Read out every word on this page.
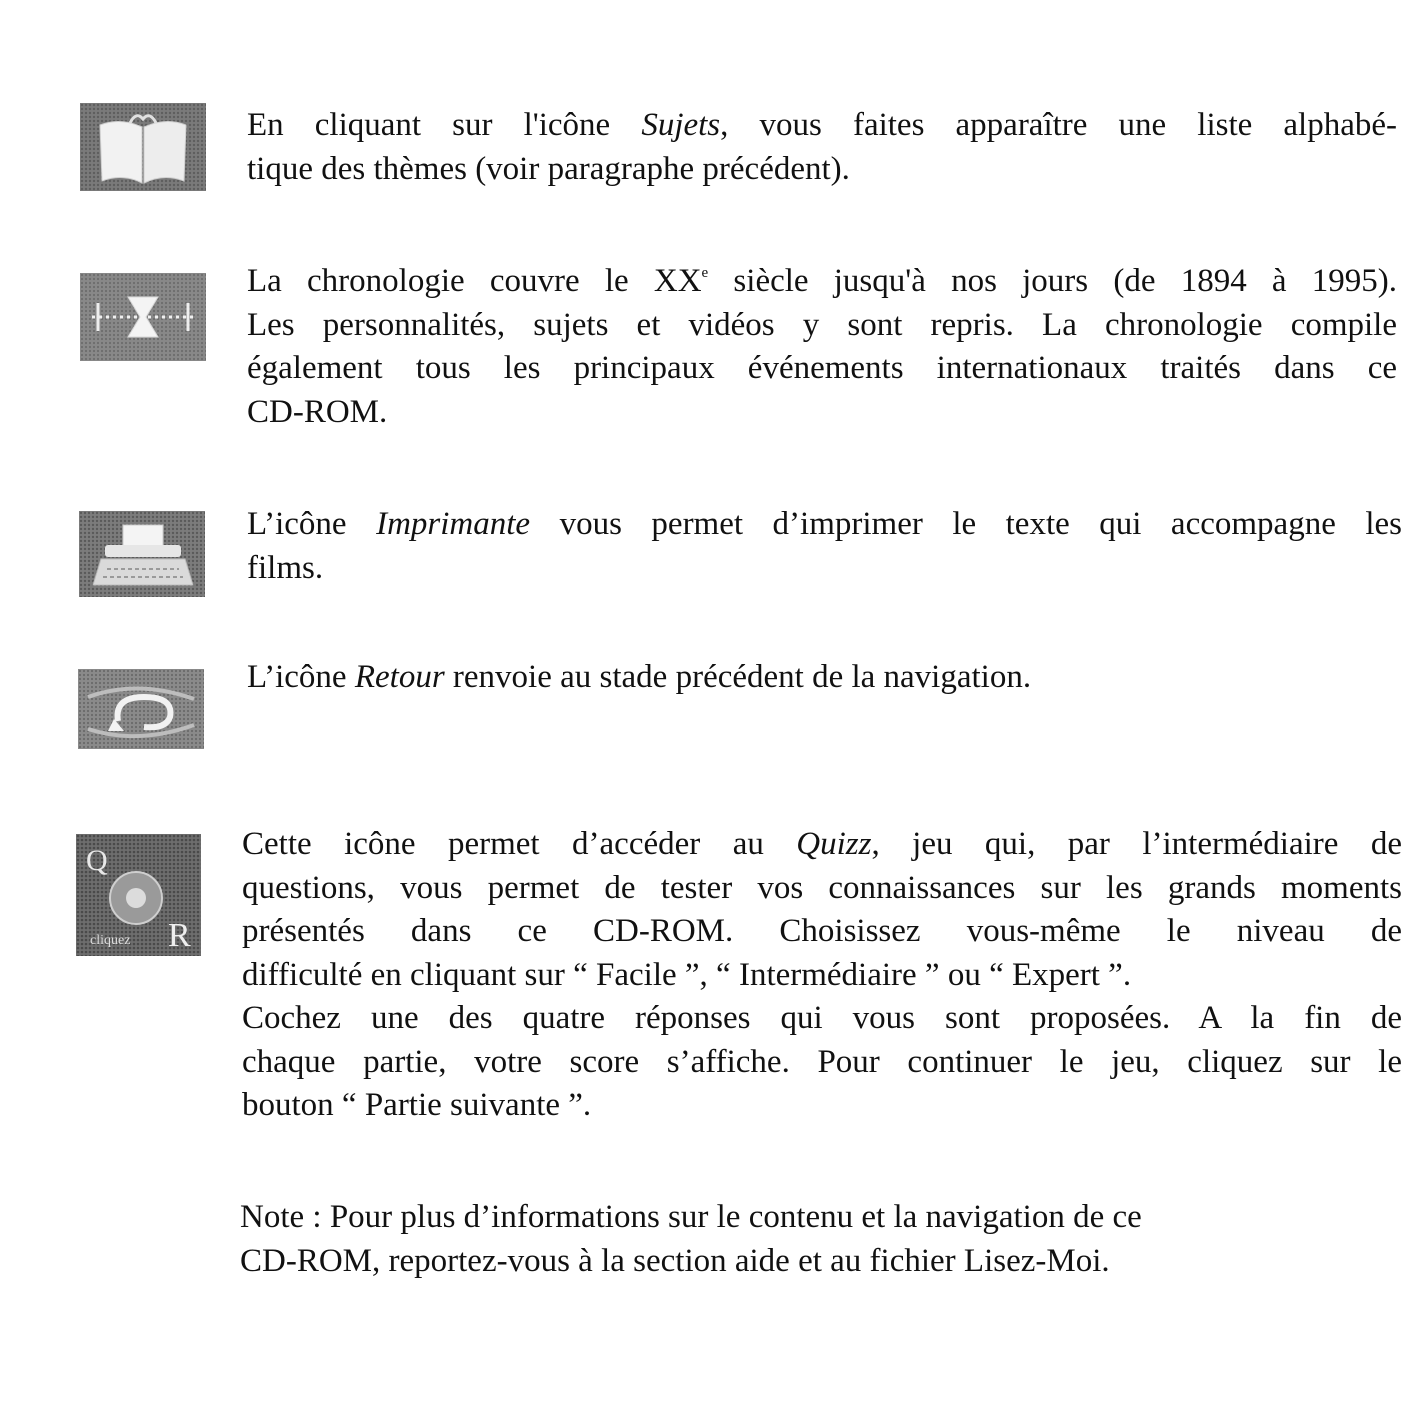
Q
cliquez R
En cliquant sur l'icône Sujets, vous faites apparaître une liste alphabé-
tique des thèmes (voir paragraphe précédent).
La chronologie couvre le XXe siècle jusqu'à nos jours (de 1894 à 1995).
Les personnalités, sujets et vidéos y sont repris. La chronologie compile
également tous les principaux événements internationaux traités dans ce
CD-ROM.
L’icône Imprimante vous permet d’imprimer le texte qui accompagne les
films.
L’icône Retour renvoie au stade précédent de la navigation.
Cette icône permet d’accéder au Quizz, jeu qui, par l’intermédiaire de
questions, vous permet de tester vos connaissances sur les grands moments
présentés dans ce CD-ROM. Choisissez vous-même le niveau de
difficulté en cliquant sur “ Facile ”, “ Intermédiaire ” ou “ Expert ”.
Cochez une des quatre réponses qui vous sont proposées. A la fin de
chaque partie, votre score s’affiche. Pour continuer le jeu, cliquez sur le
bouton “ Partie suivante ”.
Note : Pour plus d’informations sur le contenu et la navigation de ce
CD-ROM, reportez-vous à la section aide et au fichier Lisez-Moi.
